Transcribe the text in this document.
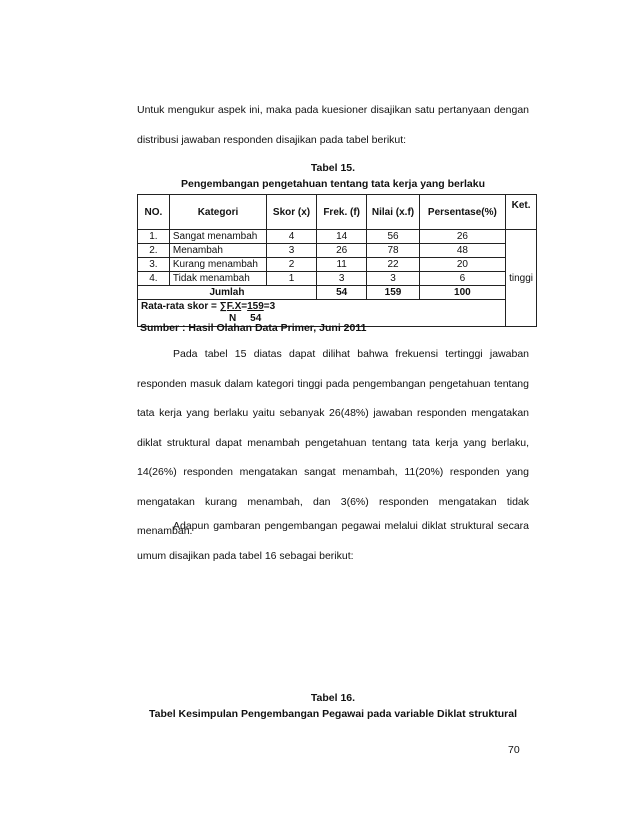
Untuk mengukur aspek ini, maka pada kuesioner disajikan satu pertanyaan dengan distribusi jawaban responden disajikan pada tabel berikut:

Tabel 15.
Pengembangan pengetahuan tentang tata kerja yang berlaku
NO.	Kategori	Skor (x)	Frek. (f)	Nilai (x.f)	Persentase(%)	Ket.
1.	Sangat menambah	4	14	56	26	tinggi
2.	Menambah	3	26	78	48	
3.	Kurang menambah	2	11	22	20	
4.	Tidak menambah	1	3	3	6	
Jumlah			54	159	100	

Rata-rata skor = ∑F.X=159=3
N 54						
Sumber : Hasil Olahan Data Primer, Juni 2011

Pada tabel 15 diatas dapat dilihat bahwa frekuensi tertinggi jawaban responden masuk dalam kategori tinggi pada pengembangan pengetahuan tentang tata kerja yang berlaku yaitu sebanyak 26(48%) jawaban responden mengatakan diklat struktural dapat menambah pengetahuan tentang tata kerja yang berlaku, 14(26%) responden mengatakan sangat menambah, 11(20%) responden yang mengatakan kurang menambah, dan 3(6%) responden mengatakan tidak menambah.

Adapun gambaran pengembangan pegawai melalui diklat struktural secara umum disajikan pada tabel 16 sebagai berikut:

Tabel 16.
Tabel Kesimpulan Pengembangan Pegawai pada variable Diklat struktural
70
